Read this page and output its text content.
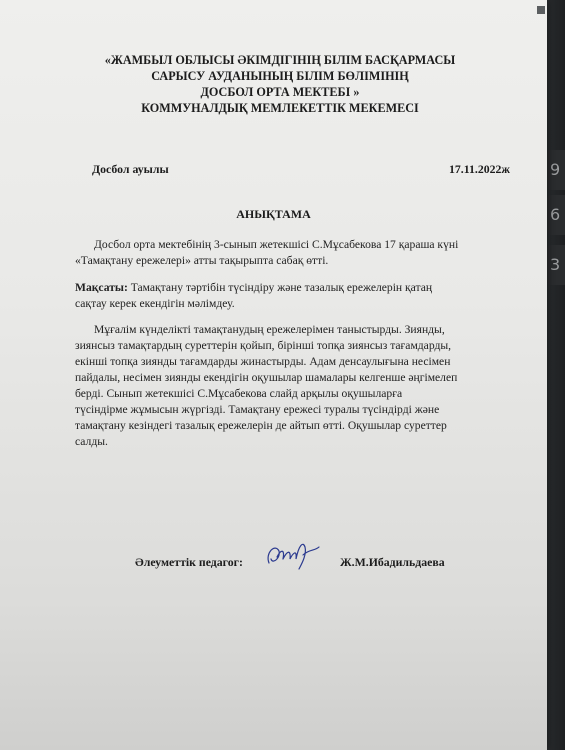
9
6
3
«ЖАМБЫЛ ОБЛЫСЫ ӘКІМДІГІНІҢ БІЛІМ БАСҚАРМАСЫ
САРЫСУ АУДАНЫНЫҢ БІЛІМ БӨЛІМІНІҢ
ДОСБОЛ ОРТА МЕКТЕБІ »
КОММУНАЛДЫҚ МЕМЛЕКЕТТІК МЕКЕМЕСІ
Досбол ауылы	17.11.2022ж
АНЫҚТАМА
Досбол орта мектебінің 3-сынып жетекшісі С.Мұсабекова 17 қараша күні
«Тамақтану ережелері» атты тақырыпта сабақ өтті.
Мақсаты: Тамақтану тәртібін түсіндіру және тазалық ережелерін қатаң
сақтау керек екендігін мәлімдеу.
Мұғалім күнделікті тамақтанудың ережелерімен таныстырды. Зиянды,
зиянсыз тамақтардың суреттерін қойып, бірінші топқа зиянсыз тағамдарды,
екінші топқа зиянды тағамдарды жинастырды. Адам денсаулығына несімен
пайдалы, несімен зиянды екендігін оқушылар шамалары келгенше әңгімелеп
берді. Сынып жетекшісі С.Мұсабекова слайд арқылы оқушыларға
түсіндірме жұмысын жүргізді. Тамақтану ережесі туралы түсіндірді және
тамақтану кезіндегі тазалық ережелерін де айтып өтті. Оқушылар суреттер
салды.
Әлеуметтік педагог:	Ж.М.Ибадильдаева
